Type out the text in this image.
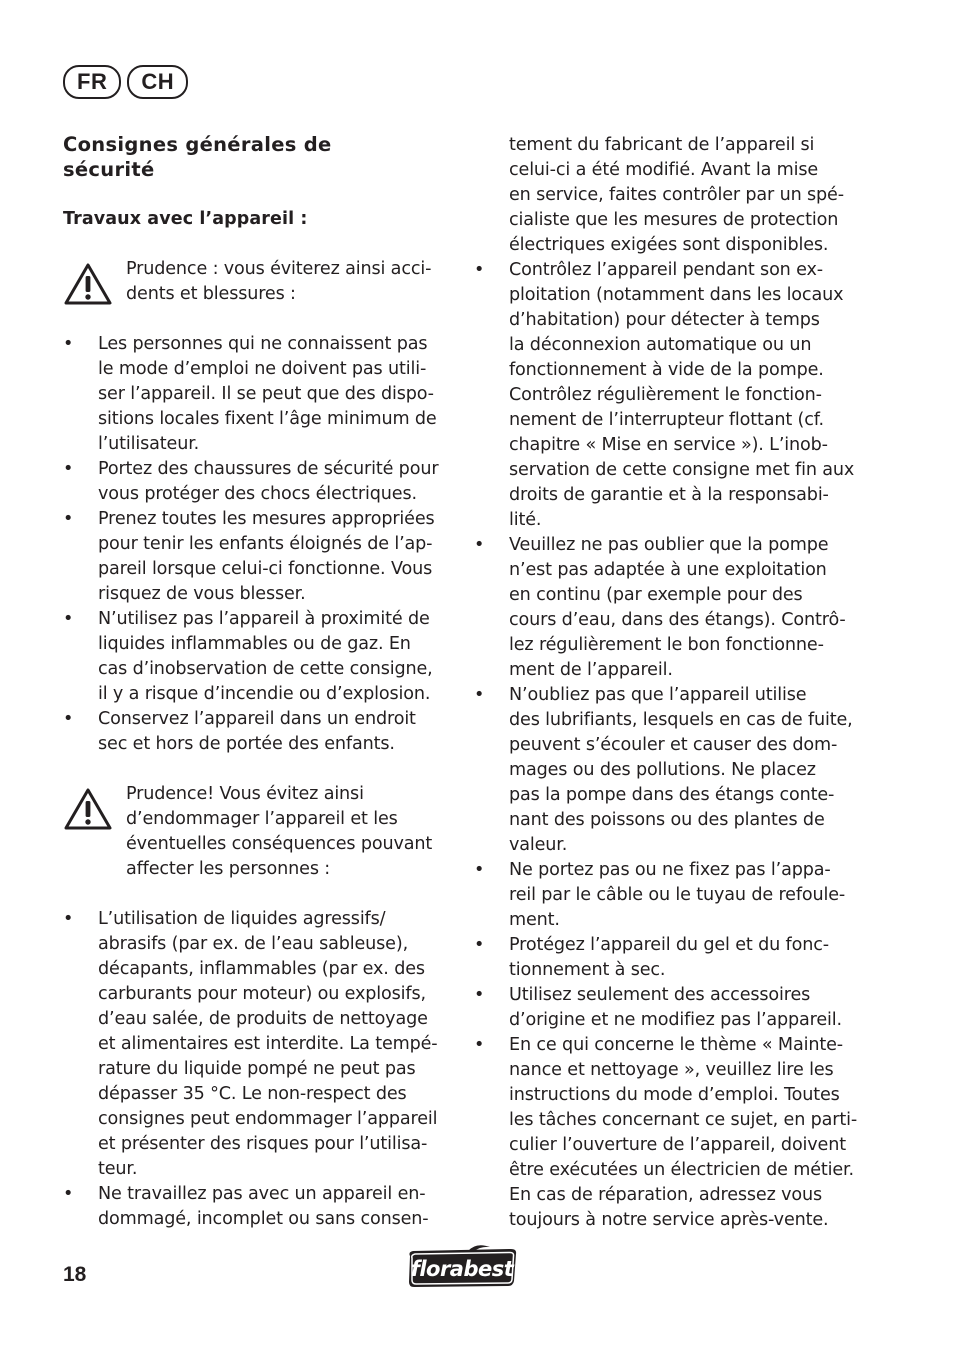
FR	CH
Consignes générales de
sécurité
Travaux avec l’appareil :
Prudence : vous éviterez ainsi acci-
dents et blessures :
•	Les personnes qui ne connaissent pas
le mode d’emploi ne doivent pas utili-
ser l’appareil. Il se peut que des dispo-
sitions locales fixent l’âge minimum de
l’utilisateur.
•	Portez des chaussures de sécurité pour
vous protéger des chocs électriques.
•	Prenez toutes les mesures appropriées
pour tenir les enfants éloignés de l’ap-
pareil lorsque celui-ci fonctionne. Vous
risquez de vous blesser.
•	N’utilisez pas l’appareil à proximité de
liquides inflammables ou de gaz. En
cas d’inobservation de cette consigne,
il y a risque d’incendie ou d’explosion.
•	Conservez l’appareil dans un endroit
sec et hors de portée des enfants.
Prudence! Vous évitez ainsi
d’endommager l’appareil et les
éventuelles conséquences pouvant
affecter les personnes :
•	L’utilisation de liquides agressifs/
abrasifs (par ex. de l’eau sableuse),
décapants, inflammables (par ex. des
carburants pour moteur) ou explosifs,
d’eau salée, de produits de nettoyage
et alimentaires est interdite. La tempé-
rature du liquide pompé ne peut pas
dépasser 35 °C. Le non-respect des
consignes peut endommager l’appareil
et présenter des risques pour l’utilisa-
teur.
•	Ne travaillez pas avec un appareil en-
dommagé, incomplet ou sans consen-
tement du fabricant de l’appareil si
celui-ci a été modifié. Avant la mise
en service, faites contrôler par un spé-
cialiste que les mesures de protection
électriques exigées sont disponibles.
•	Contrôlez l’appareil pendant son ex-
ploitation (notamment dans les locaux
d’habitation) pour détecter à temps
la déconnexion automatique ou un
fonctionnement à vide de la pompe.
Contrôlez régulièrement le fonction-
nement de l’interrupteur flottant (cf.
chapitre « Mise en service »). L’inob-
servation de cette consigne met fin aux
droits de garantie et à la responsabi-
lité.
•	Veuillez ne pas oublier que la pompe
n’est pas adaptée à une exploitation
en continu (par exemple pour des
cours d’eau, dans des étangs). Contrô-
lez régulièrement le bon fonctionne-
ment de l’appareil.
•	N’oubliez pas que l’appareil utilise
des lubrifiants, lesquels en cas de fuite,
peuvent s’écouler et causer des dom-
mages ou des pollutions. Ne placez
pas la pompe dans des étangs conte-
nant des poissons ou des plantes de
valeur.
•	Ne portez pas ou ne fixez pas l’appa-
reil par le câble ou le tuyau de refoule-
ment.
•	Protégez l’appareil du gel et du fonc-
tionnement à sec.
•	Utilisez seulement des accessoires
d’origine et ne modifiez pas l’appareil.
•	En ce qui concerne le thème « Mainte-
nance et nettoyage », veuillez lire les
instructions du mode d’emploi. Toutes
les tâches concernant ce sujet, en parti-
culier l’ouverture de l’appareil, doivent
être exécutées un électricien de métier.
En cas de réparation, adressez vous
toujours à notre service après-vente.
18	florabest
